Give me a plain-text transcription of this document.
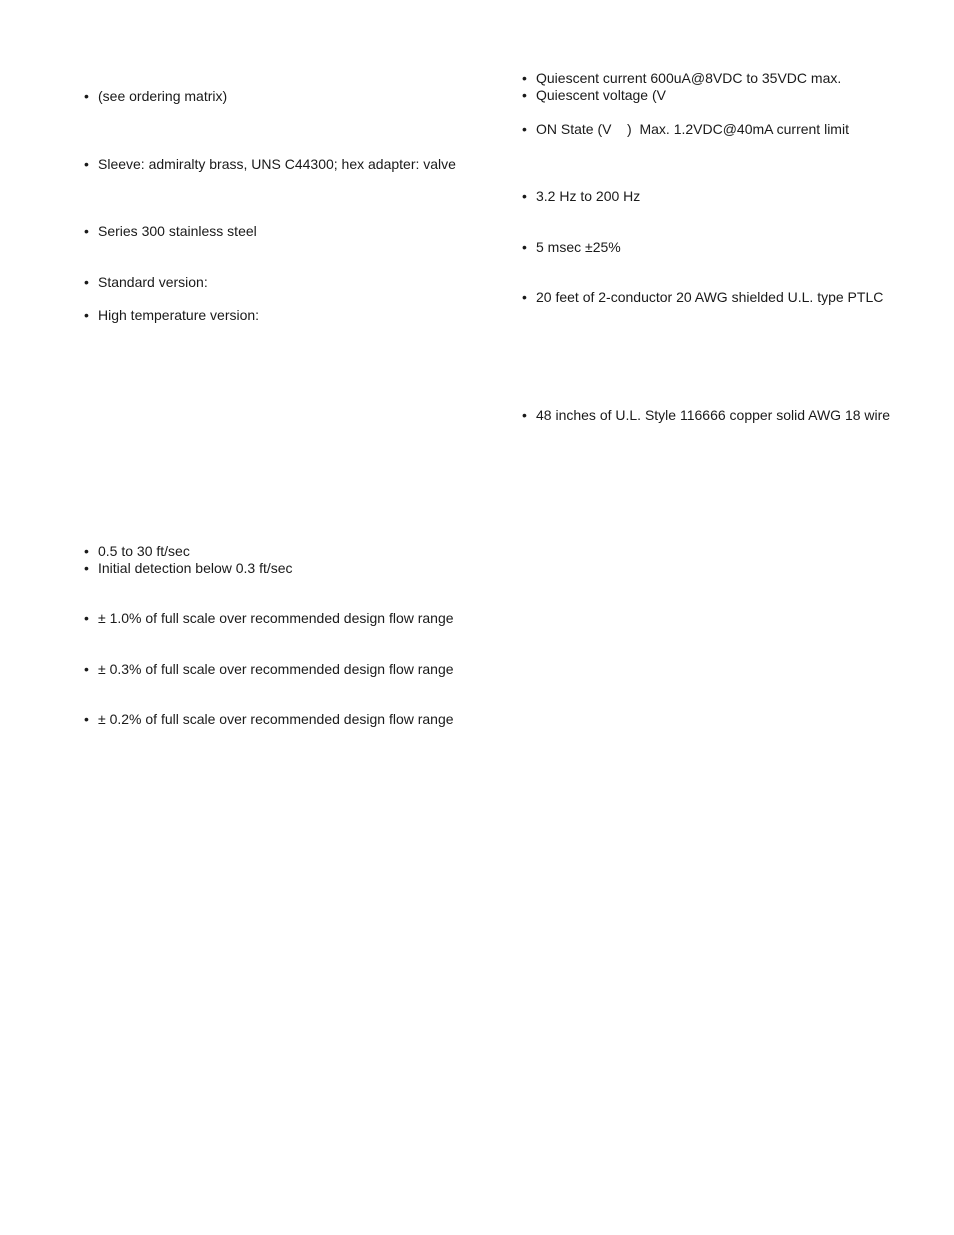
• (see ordering matrix)
• Sleeve: admiralty brass, UNS C44300; hex adapter: valve
• Series 300 stainless steel
• Standard version:
• High temperature version:
• 0.5 to 30 ft/sec
• Initial detection below 0.3 ft/sec
• ± 1.0% of full scale over recommended design flow range
• ± 0.3% of full scale over recommended design flow range
• ± 0.2% of full scale over recommended design flow range
• Quiescent current 600uA@8VDC to 35VDC max.
• Quiescent voltage (V
• ON State (V    )  Max. 1.2VDC@40mA current limit
• 3.2 Hz to 200 Hz
• 5 msec ±25%
• 20 feet of 2-conductor 20 AWG shielded U.L. type PTLC
• 48 inches of U.L. Style 116666 copper solid AWG 18 wire
